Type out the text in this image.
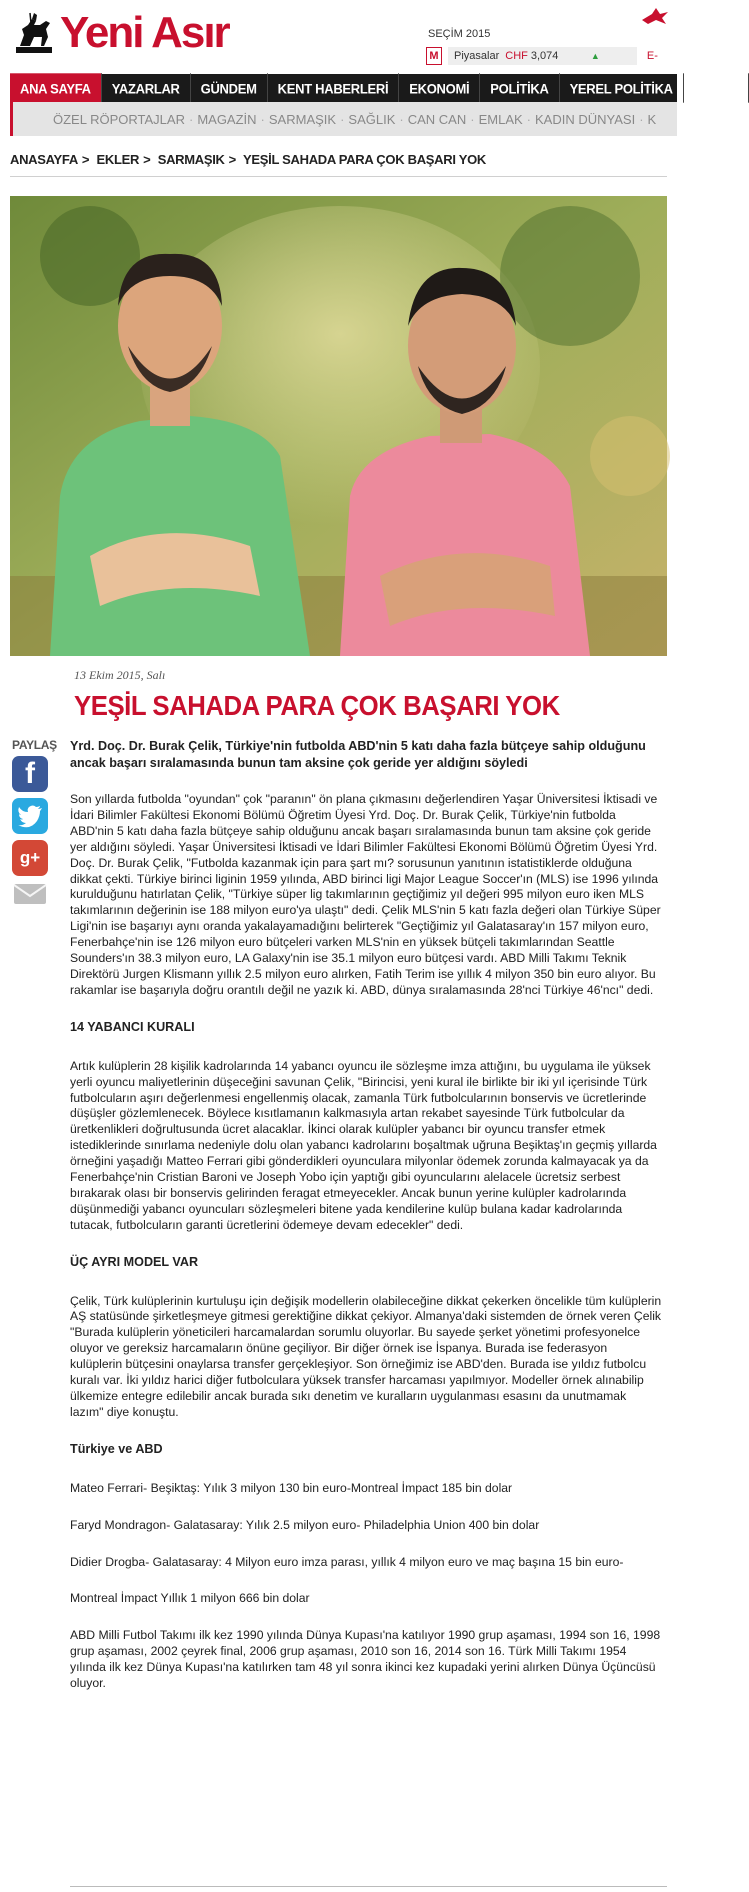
Yeni Asır	SEÇİM 2015
M	Piyasalar CHF 3,074	▲	E-
ANA SAYFA	YAZARLAR	GÜNDEM	KENT HABERLERİ	EKONOMİ	POLİTİKA	YEREL POLİTİKA	YAŞAM
ÖZEL RÖPORTAJLAR · MAGAZİN · SARMAŞIK · SAĞLIK · CAN CAN · EMLAK · KADIN DÜNYASI · K
ANASAYFA > EKLER > SARMAŞIK > YEŞİL SAHADA PARA ÇOK BAŞARI YOK
13 Ekim 2015, Salı
YEŞİL SAHADA PARA ÇOK BAŞARI YOK
PAYLAŞ
f
g+
Yrd. Doç. Dr. Burak Çelik, Türkiye'nin futbolda ABD'nin 5 katı daha fazla bütçeye sahip olduğunu ancak başarı sıralamasında bunun tam aksine çok geride yer aldığını söyledi

Son yıllarda futbolda "oyundan" çok "paranın" ön plana çıkmasını değerlendiren Yaşar Üniversitesi İktisadi ve İdari Bilimler Fakültesi Ekonomi Bölümü Öğretim Üyesi Yrd. Doç. Dr. Burak Çelik, Türkiye'nin futbolda ABD'nin 5 katı daha fazla bütçeye sahip olduğunu ancak başarı sıralamasında bunun tam aksine çok geride yer aldığını söyledi. Yaşar Üniversitesi İktisadi ve İdari Bilimler Fakültesi Ekonomi Bölümü Öğretim Üyesi Yrd. Doç. Dr. Burak Çelik, "Futbolda kazanmak için para şart mı? sorusunun yanıtının istatistiklerde olduğuna dikkat çekti. Türkiye birinci liginin 1959 yılında, ABD birinci ligi Major League Soccer'ın (MLS) ise 1996 yılında kurulduğunu hatırlatan Çelik, "Türkiye süper lig takımlarının geçtiğimiz yıl değeri 995 milyon euro iken MLS takımlarının değerinin ise 188 milyon euro'ya ulaştı" dedi. Çelik MLS'nin 5 katı fazla değeri olan Türkiye Süper Ligi'nin ise başarıyı aynı oranda yakalayamadığını belirterek "Geçtiğimiz yıl Galatasaray'ın 157 milyon euro, Fenerbahçe'nin ise 126 milyon euro bütçeleri varken MLS'nin en yüksek bütçeli takımlarından Seattle Sounders'ın 38.3 milyon euro, LA Galaxy'nin ise 35.1 milyon euro bütçesi vardı. ABD Milli Takımı Teknik Direktörü Jurgen Klismann yıllık 2.5 milyon euro alırken, Fatih Terim ise yıllık 4 milyon 350 bin euro alıyor. Bu rakamlar ise başarıyla doğru orantılı değil ne yazık ki. ABD, dünya sıralamasında 28'nci Türkiye 46'ncı" dedi.

14 YABANCI KURALI

Artık kulüplerin 28 kişilik kadrolarında 14 yabancı oyuncu ile sözleşme imza attığını, bu uygulama ile yüksek yerli oyuncu maliyetlerinin düşeceğini savunan Çelik, "Birincisi, yeni kural ile birlikte bir iki yıl içerisinde Türk futbolcuların aşırı değerlenmesi engellenmiş olacak, zamanla Türk futbolcularının bonservis ve ücretlerinde düşüşler gözlemlenecek. Böylece kısıtlamanın kalkmasıyla artan rekabet sayesinde Türk futbolcular da üretkenlikleri doğrultusunda ücret alacaklar. İkinci olarak kulüpler yabancı bir oyuncu transfer etmek istediklerinde sınırlama nedeniyle dolu olan yabancı kadrolarını boşaltmak uğruna Beşiktaş'ın geçmiş yıllarda örneğini yaşadığı Matteo Ferrari gibi gönderdikleri oyunculara milyonlar ödemek zorunda kalmayacak ya da Fenerbahçe'nin Cristian Baroni ve Joseph Yobo için yaptığı gibi oyuncularını alelacele ücretsiz serbest bırakarak olası bir bonservis gelirinden feragat etmeyecekler. Ancak bunun yerine kulüpler kadrolarında düşünmediği yabancı oyuncuları sözleşmeleri bitene yada kendilerine kulüp bulana kadar kadrolarında tutacak, futbolcuların garanti ücretlerini ödemeye devam edecekler" dedi.

ÜÇ AYRI MODEL VAR

Çelik, Türk kulüplerinin kurtuluşu için değişik modellerin olabileceğine dikkat çekerken öncelikle tüm kulüplerin AŞ statüsünde şirketleşmeye gitmesi gerektiğine dikkat çekiyor. Almanya'daki sistemden de örnek veren Çelik "Burada kulüplerin yöneticileri harcamalardan sorumlu oluyorlar. Bu sayede şerket yönetimi profesyonelce oluyor ve gereksiz harcamaların önüne geçiliyor. Bir diğer örnek ise İspanya. Burada ise federasyon kulüplerin bütçesini onaylarsa transfer gerçekleşiyor. Son örneğimiz ise ABD'den. Burada ise yıldız futbolcu kuralı var. İki yıldız harici diğer futbolculara yüksek transfer harcaması yapılmıyor. Modeller örnek alınabilip ülkemize entegre edilebilir ancak burada sıkı denetim ve kuralların uygulanması esasını da unutmamak lazım" diye konuştu.

Türkiye ve ABD

Mateo Ferrari- Beşiktaş: Yılık 3 milyon 130 bin euro-Montreal İmpact 185 bin dolar

Faryd Mondragon- Galatasaray: Yılık 2.5 milyon euro- Philadelphia Union 400 bin dolar

Didier Drogba- Galatasaray: 4 Milyon euro imza parası, yıllık 4 milyon euro ve maç başına 15 bin euro-

Montreal İmpact Yıllık 1 milyon 666 bin dolar

ABD Milli Futbol Takımı ilk kez 1990 yılında Dünya Kupası'na katılıyor 1990 grup aşaması, 1994 son 16, 1998 grup aşaması, 2002 çeyrek final, 2006 grup aşaması, 2010 son 16, 2014 son 16. Türk Milli Takımı 1954 yılında ilk kez Dünya Kupası'na katılırken tam 48 yıl sonra ikinci kez kupadaki yerini alırken Dünya Üçüncüsü oluyor.
